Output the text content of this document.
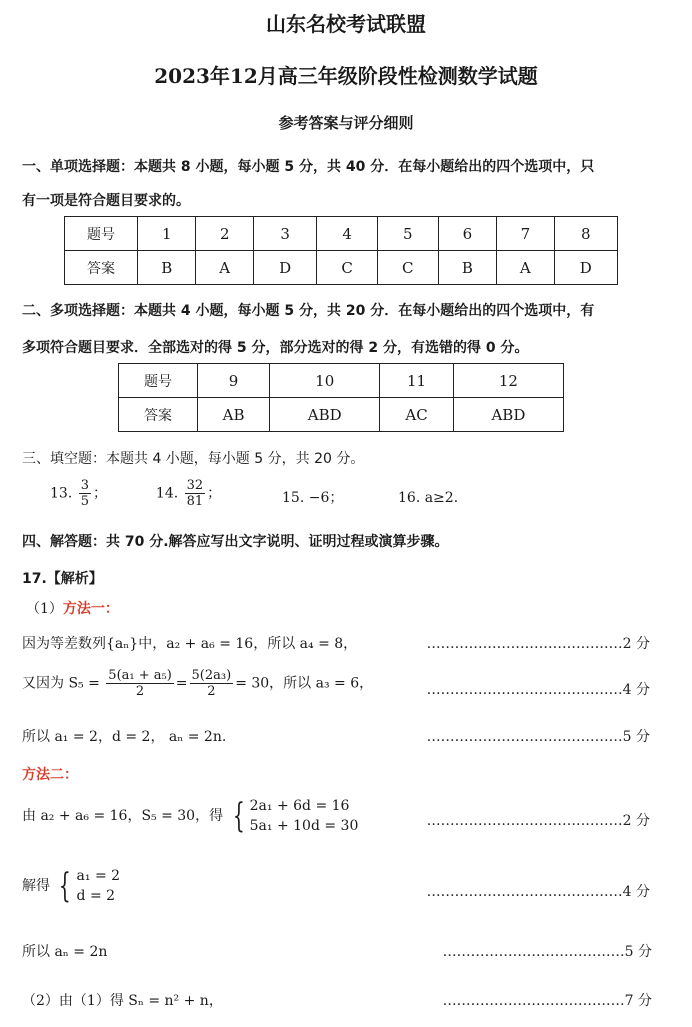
山东名校考试联盟
2023年12月高三年级阶段性检测数学试题
参考答案与评分细则
一、单项选择题：本题共 8 小题，每小题 5 分，共 40 分．在每小题给出的四个选项中，只
有一项是符合题目要求的。
题号	1	2	3	4	5	6	7	8
答案	B	A	D	C	C	B	A	D
二、多项选择题：本题共 4 小题，每小题 5 分，共 20 分．在每小题给出的四个选项中，有
多项符合题目要求．全部选对的得 5 分，部分选对的得 2 分，有选错的得 0 分。
题号	9	10	11	12
答案	AB	ABD	AC	ABD
三、填空题：本题共 4 小题，每小题 5 分，共 20 分。
13. $\frac{3}{5}$ ；	14. $\frac{32}{81}$ ；	15. −6；	16. a≥2．
四、解答题：共 70 分.解答应写出文字说明、证明过程或演算步骤。
17.【解析】
（1）方法一：
因为等差数列{aₙ}中，a₂ + a₆ = 16，所以 a₄ = 8，	……………………………………2 分
又因为 $S_5 = \frac{\text{5(a₁ + a₅)}}{2} = \frac{\text{5(2a₃)}}{2} = 30$，所以 a₃ = 6，	……………………………………4 分
所以 a₁ = 2，d = 2， aₙ = 2n.	……………………………………5 分
方法二：
由 a₂ + a₆ = 16，S₅ = 30，得 { 2a₁ + 6d = 16
5a₁ + 10d = 30	……………………………………2 分
解得 { a₁ = 2
d = 2	……………………………………4 分
所以 aₙ = 2n	…………………………………5 分
（2）由（1）得 Sₙ = n² + n，	…………………………………7 分
